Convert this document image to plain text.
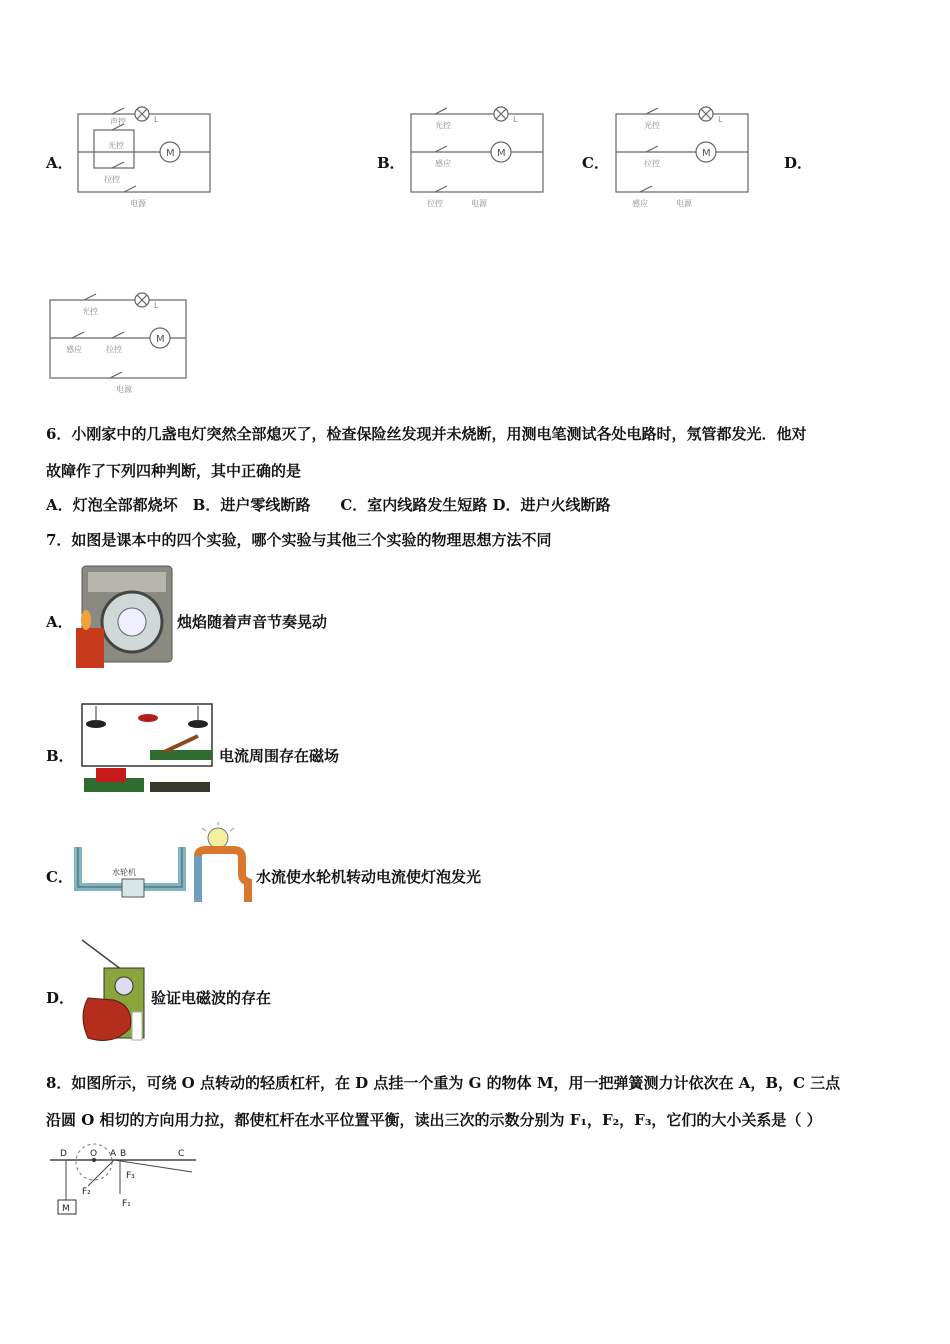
A．
M
声控
光控
拉控
L
电源
B．
M
光控
L
感应
拉控	电源
C．
M
光控
L
拉控
感应	电源
D．
M
光控
L
感应	拉控
电源
6．小刚家中的几盏电灯突然全部熄灭了，检查保险丝发现并未烧断，用测电笔测试各处电路时，氖管都发光．他对
故障作了下列四种判断，其中正确的是
A．灯泡全部都烧坏　B．进户零线断路　　C．室内线路发生短路 D．进户火线断路
7．如图是课本中的四个实验，哪个实验与其他三个实验的物理思想方法不同
A．	烛焰随着声音节奏晃动
B．	电流周围存在磁场
C．	水轮机	水流使水轮机转动电流使灯泡发光
D．	验证电磁波的存在
8．如图所示，可绕 O 点转动的轻质杠杆，在 D 点挂一个重为 G 的物体 M，用一把弹簧测力计依次在 A，B，C 三点
沿圆 O 相切的方向用力拉，都使杠杆在水平位置平衡，读出三次的示数分别为 F₁，F₂，F₃，它们的大小关系是（ ）
M
D	O A B	C
F₁
F₂
F₃
